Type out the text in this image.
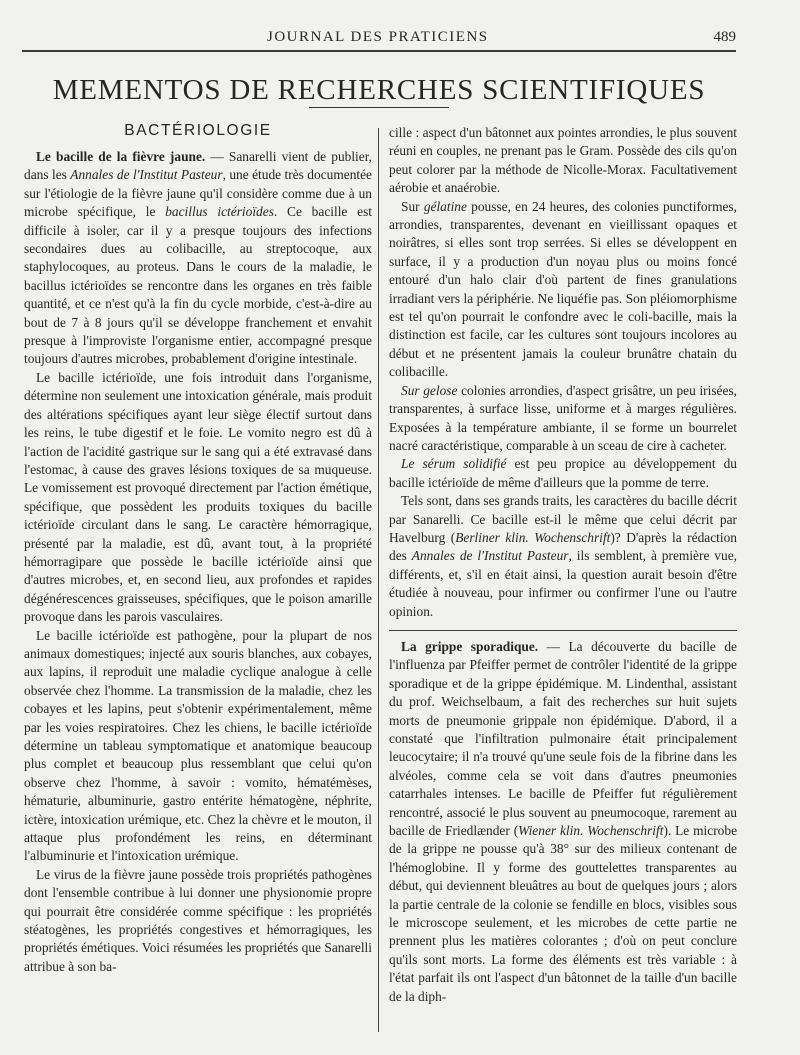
JOURNAL DES PRATICIENS	489
MEMENTOS DE RECHERCHES SCIENTIFIQUES
BACTÉRIOLOGIE

Le bacille de la fièvre jaune. — Sanarelli vient de publier, dans les Annales de l'Institut Pasteur, une étude très documentée sur l'étiologie de la fièvre jaune qu'il considère comme due à un microbe spécifique, le bacillus ictérioïdes. Ce bacille est difficile à isoler, car il y a presque toujours des infections secondaires dues au colibacille, au streptocoque, aux staphylocoques, au proteus. Dans le cours de la maladie, le bacillus ictérioïdes se rencontre dans les organes en très faible quantité, et ce n'est qu'à la fin du cycle morbide, c'est-à-dire au bout de 7 à 8 jours qu'il se développe franchement et envahit presque à l'improviste l'organisme entier, accompagné presque toujours d'autres microbes, probablement d'origine intestinale.

Le bacille ictérioïde, une fois introduit dans l'organisme, détermine non seulement une intoxication générale, mais produit des altérations spécifiques ayant leur siège électif surtout dans les reins, le tube digestif et le foie. Le vomito negro est dû à l'action de l'acidité gastrique sur le sang qui a été extravasé dans l'estomac, à cause des graves lésions toxiques de sa muqueuse. Le vomissement est provoqué directement par l'action émétique, spécifique, que possèdent les produits toxiques du bacille ictérioïde circulant dans le sang. Le caractère hémorragique, présenté par la maladie, est dû, avant tout, à la propriété hémorragipare que possède le bacille ictérioïde ainsi que d'autres microbes, et, en second lieu, aux profondes et rapides dégénérescences graisseuses, spécifiques, que le poison amarille provoque dans les parois vasculaires.

Le bacille ictérioïde est pathogène, pour la plupart de nos animaux domestiques; injecté aux souris blanches, aux cobayes, aux lapins, il reproduit une maladie cyclique analogue à celle observée chez l'homme. La transmission de la maladie, chez les cobayes et les lapins, peut s'obtenir expérimentalement, même par les voies respiratoires. Chez les chiens, le bacille ictérioïde détermine un tableau symptomatique et anatomique beaucoup plus complet et beaucoup plus ressemblant que celui qu'on observe chez l'homme, à savoir : vomito, hématémèses, hématurie, albuminurie, gastro entérite hématogène, néphrite, ictère, intoxication urémique, etc. Chez la chèvre et le mouton, il attaque plus profondément les reins, en déterminant l'albuminurie et l'intoxication urémique.

Le virus de la fièvre jaune possède trois propriétés pathogènes dont l'ensemble contribue à lui donner une physionomie propre qui pourrait être considérée comme spécifique : les propriétés stéatogènes, les propriétés congestives et hémorragiques, les propriétés émétiques. Voici résumées les propriétés que Sanarelli attribue à son ba-

cille : aspect d'un bâtonnet aux pointes arrondies, le plus souvent réuni en couples, ne prenant pas le Gram. Possède des cils qu'on peut colorer par la méthode de Nicolle-Morax. Facultativement aérobie et anaérobie.

Sur gélatine pousse, en 24 heures, des colonies punctiformes, arrondies, transparentes, devenant en vieillissant opaques et noirâtres, si elles sont trop serrées. Si elles se développent en surface, il y a production d'un noyau plus ou moins foncé entouré d'un halo clair d'où partent de fines granulations irradiant vers la périphérie. Ne liquéfie pas. Son pléiomorphisme est tel qu'on pourrait le confondre avec le coli-bacille, mais la distinction est facile, car les cultures sont toujours incolores au début et ne présentent jamais la couleur brunâtre chatain du colibacille.

Sur gelose colonies arrondies, d'aspect grisâtre, un peu irisées, transparentes, à surface lisse, uniforme et à marges régulières. Exposées à la température ambiante, il se forme un bourrelet nacré caractéristique, comparable à un sceau de cire à cacheter.

Le sérum solidifié est peu propice au développement du bacille ictérioïde de même d'ailleurs que la pomme de terre.

Tels sont, dans ses grands traits, les caractères du bacille décrit par Sanarelli. Ce bacille est-il le même que celui décrit par Havelburg (Berliner klin. Wochenschrift)? D'après la rédaction des Annales de l'Institut Pasteur, ils semblent, à première vue, différents, et, s'il en était ainsi, la question aurait besoin d'être étudiée à nouveau, pour infirmer ou confirmer l'une ou l'autre opinion.

La grippe sporadique. — La découverte du bacille de l'influenza par Pfeiffer permet de contrôler l'identité de la grippe sporadique et de la grippe épidémique. M. Lindenthal, assistant du prof. Weichselbaum, a fait des recherches sur huit sujets morts de pneumonie grippale non épidémique. D'abord, il a constaté que l'infiltration pulmonaire était principalement leucocytaire; il n'a trouvé qu'une seule fois de la fibrine dans les alvéoles, comme cela se voit dans d'autres pneumonies catarrhales intenses. Le bacille de Pfeiffer fut régulièrement rencontré, associé le plus souvent au pneumocoque, rarement au bacille de Friedlænder (Wiener klin. Wochenschrift). Le microbe de la grippe ne pousse qu'à 38° sur des milieux contenant de l'hémoglobine. Il y forme des gouttelettes transparentes au début, qui deviennent bleuâtres au bout de quelques jours ; alors la partie centrale de la colonie se fendille en blocs, visibles sous le microscope seulement, et les microbes de cette partie ne prennent plus les matières colorantes ; d'où on peut conclure qu'ils sont morts. La forme des éléments est très variable : à l'état parfait ils ont l'aspect d'un bâtonnet de la taille d'un bacille de la diph-
